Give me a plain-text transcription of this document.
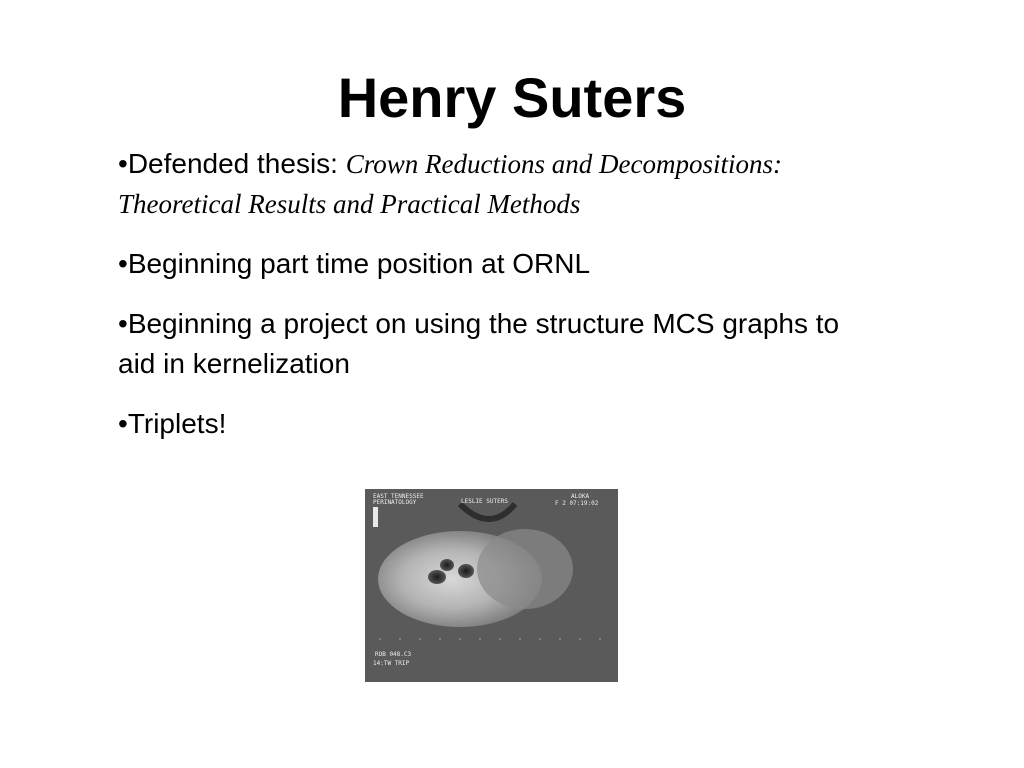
Henry Suters
•Defended thesis: Crown Reductions and Decompositions: Theoretical Results and Practical Methods
•Beginning part time position at ORNL
•Beginning a project on using the structure MCS graphs to aid in kernelization
•Triplets!
EAST TENNESSEE
PERINATOLOGY	LESLIE SUTERS
ALOKA
F 2 07:19:02
ROB 048.C3
14:TW TRIP
